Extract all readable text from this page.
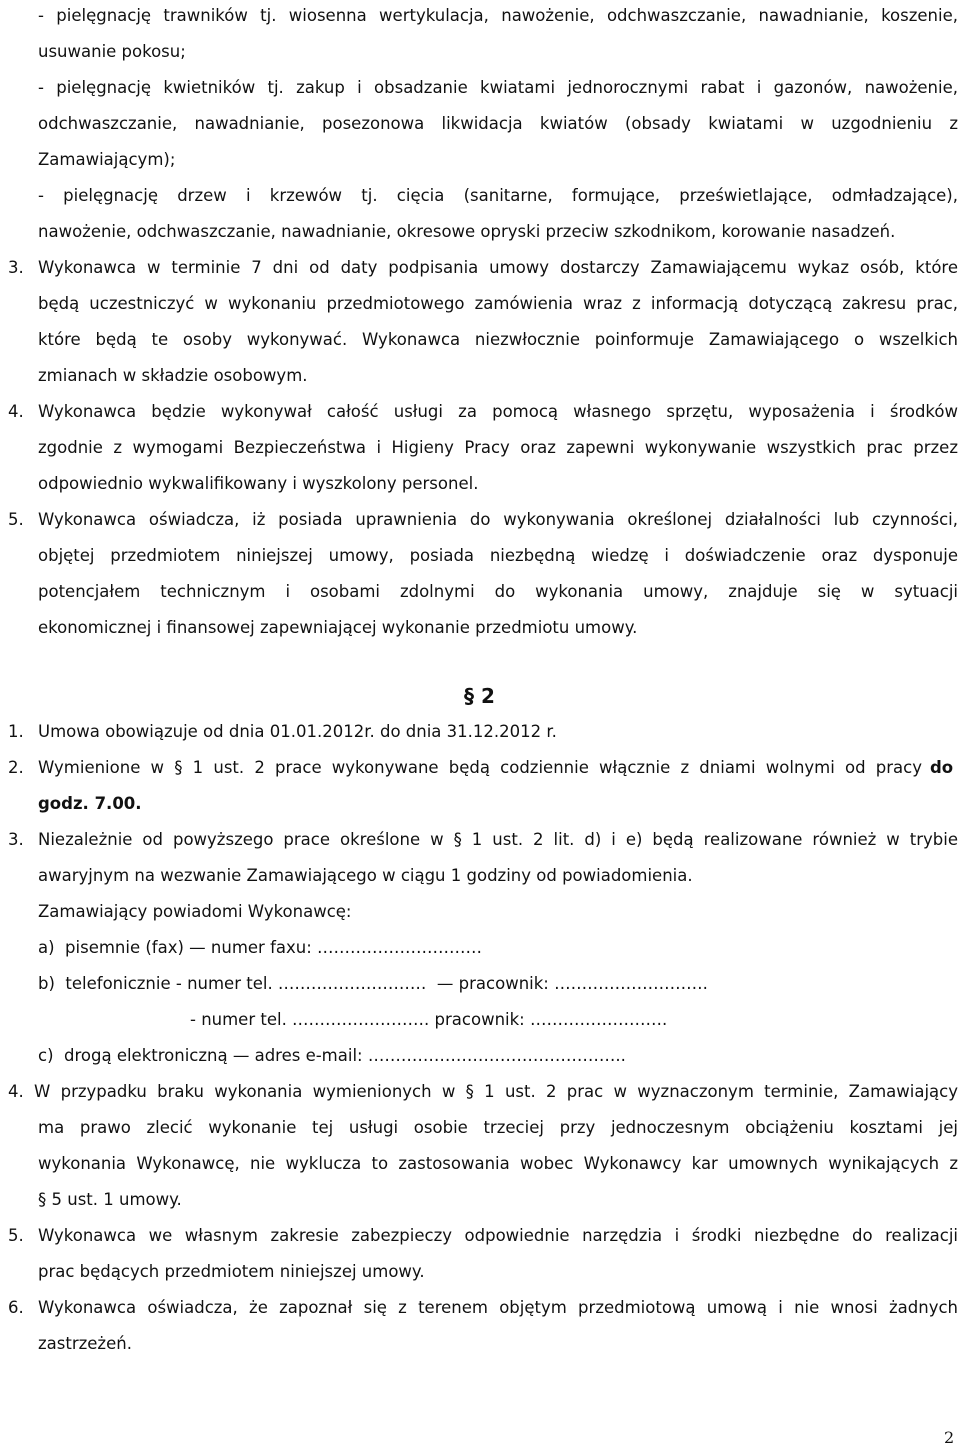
- pielęgnację trawników tj. wiosenna wertykulacja, nawożenie, odchwaszczanie, nawadnianie, koszenie,
usuwanie pokosu;
- pielęgnację kwietników tj. zakup i obsadzanie kwiatami jednorocznymi rabat i gazonów, nawożenie,
odchwaszczanie, nawadnianie, posezonowa likwidacja kwiatów (obsady kwiatami w uzgodnieniu z
Zamawiającym);
- pielęgnację drzew i krzewów tj. cięcia (sanitarne, formujące, prześwietlające, odmładzające),
nawożenie, odchwaszczanie, nawadnianie, okresowe opryski przeciw szkodnikom, korowanie nasadzeń.
3. Wykonawca w terminie 7 dni od daty podpisania umowy dostarczy Zamawiającemu wykaz osób, które
będą uczestniczyć w wykonaniu przedmiotowego zamówienia wraz z informacją dotyczącą zakresu prac,
które będą te osoby wykonywać. Wykonawca niezwłocznie poinformuje Zamawiającego o wszelkich
zmianach w składzie osobowym.
4. Wykonawca będzie wykonywał całość usługi za pomocą własnego sprzętu, wyposażenia i środków
zgodnie z wymogami Bezpieczeństwa i Higieny Pracy oraz zapewni wykonywanie wszystkich prac przez
odpowiednio wykwalifikowany i wyszkolony personel.
5. Wykonawca oświadcza, iż posiada uprawnienia do wykonywania określonej działalności lub czynności,
objętej przedmiotem niniejszej umowy, posiada niezbędną wiedzę i doświadczenie oraz dysponuje
potencjałem technicznym i osobami zdolnymi do wykonania umowy, znajduje się w sytuacji
ekonomicznej i finansowej zapewniającej wykonanie przedmiotu umowy.
§ 2
1. Umowa obowiązuje od dnia 01.01.2012r. do dnia 31.12.2012 r.
2. Wymienione w § 1 ust. 2 prace wykonywane będą codziennie włącznie z dniami wolnymi od pracy do
godz. 7.00.
3. Niezależnie od powyższego prace określone w § 1 ust. 2 lit. d) i e) będą realizowane również w trybie
awaryjnym na wezwanie Zamawiającego w ciągu 1 godziny od powiadomienia.
Zamawiający powiadomi Wykonawcę:
a)  pisemnie (fax) — numer faxu: …………………………
b)  telefonicznie - numer tel. ………………………  — pracownik: ……………………….
- numer tel. ……………………. pracownik: …………………….
c)  drogą elektroniczną — adres e-mail: ………………………………………..
4. W przypadku braku wykonania wymienionych w § 1 ust. 2 prac w wyznaczonym terminie, Zamawiający
ma prawo zlecić wykonanie tej usługi osobie trzeciej przy jednoczesnym obciążeniu kosztami jej
wykonania Wykonawcę, nie wyklucza to zastosowania wobec Wykonawcy kar umownych wynikających z
§ 5 ust. 1 umowy.
5. Wykonawca we własnym zakresie zabezpieczy odpowiednie narzędzia i środki niezbędne do realizacji
prac będących przedmiotem niniejszej umowy.
6. Wykonawca oświadcza, że zapoznał się z terenem objętym przedmiotową umową i nie wnosi żadnych
zastrzeżeń.
2
